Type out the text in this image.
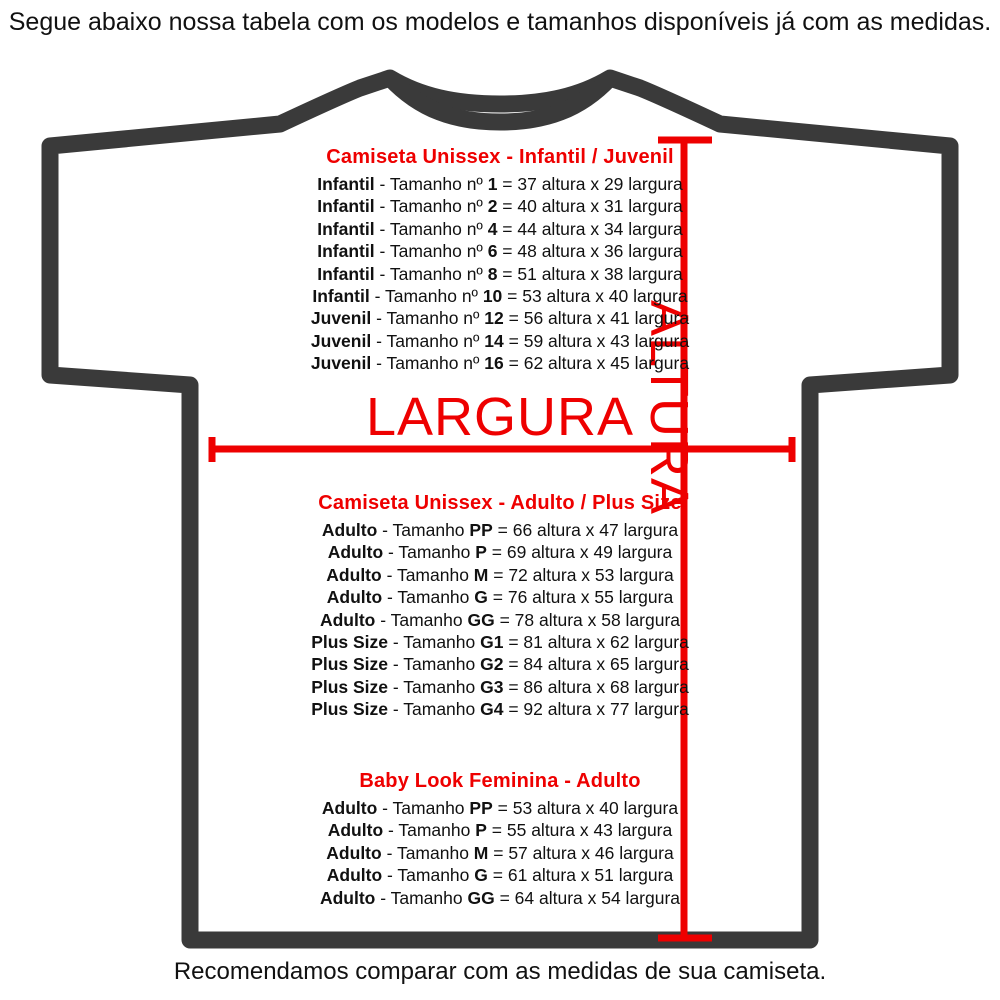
Segue abaixo nossa tabela com os modelos e tamanhos disponíveis já com as medidas.
LARGURA ALTURA
Camiseta Unissex - Infantil / Juvenil
Infantil - Tamanho nº 1 = 37 altura x 29 largura
Infantil - Tamanho nº 2 = 40 altura x 31 largura
Infantil - Tamanho nº 4 = 44 altura x 34 largura
Infantil - Tamanho nº 6 = 48 altura x 36 largura
Infantil - Tamanho nº 8 = 51 altura x 38 largura
Infantil - Tamanho nº 10 = 53 altura x 40 largura
Juvenil - Tamanho nº 12 = 56 altura x 41 largura
Juvenil - Tamanho nº 14 = 59 altura x 43 largura
Juvenil - Tamanho nº 16 = 62 altura x 45 largura
Camiseta Unissex - Adulto / Plus Size
Adulto - Tamanho PP = 66 altura x 47 largura
Adulto - Tamanho P = 69 altura x 49 largura
Adulto - Tamanho M = 72 altura x 53 largura
Adulto - Tamanho G = 76 altura x 55 largura
Adulto - Tamanho GG = 78 altura x 58 largura
Plus Size - Tamanho G1 = 81 altura x 62 largura
Plus Size - Tamanho G2 = 84 altura x 65 largura
Plus Size - Tamanho G3 = 86 altura x 68 largura
Plus Size - Tamanho G4 = 92 altura x 77 largura
Baby Look Feminina - Adulto
Adulto - Tamanho PP = 53 altura x 40 largura
Adulto - Tamanho P = 55 altura x 43 largura
Adulto - Tamanho M = 57 altura x 46 largura
Adulto - Tamanho G = 61 altura x 51 largura
Adulto - Tamanho GG = 64 altura x 54 largura
Recomendamos comparar com as medidas de sua camiseta.
